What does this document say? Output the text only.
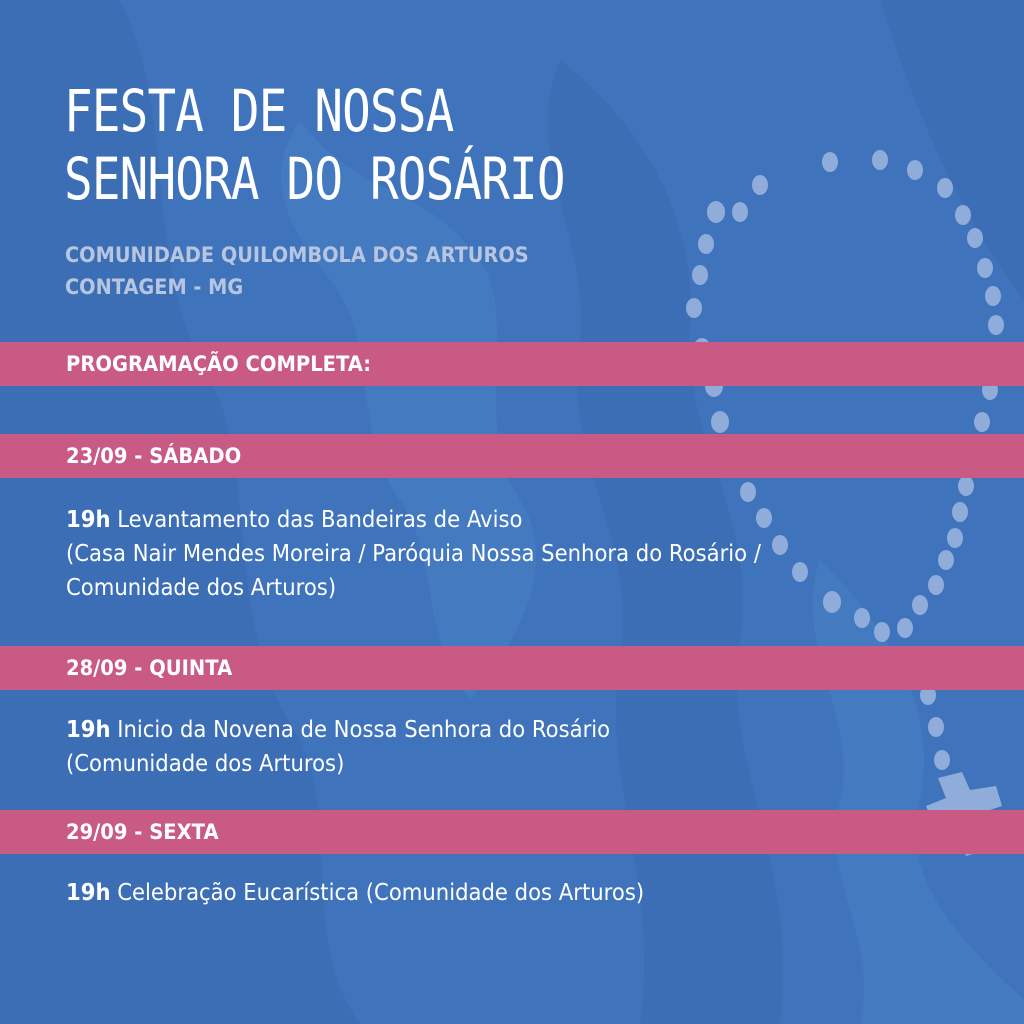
FESTA DE NOSSA
SENHORA DO ROSÁRIO

COMUNIDADE QUILOMBOLA DOS ARTUROS

CONTAGEM - MG

PROGRAMAÇÃO COMPLETA:
23/09 - SÁBADO

19h Levantamento das Bandeiras de Aviso
(Casa Nair Mendes Moreira / Paróquia Nossa Senhora do Rosário / Comunidade dos Arturos)

28/09 - QUINTA

19h Inicio da Novena de Nossa Senhora do Rosário
(Comunidade dos Arturos)

29/09 - SEXTA

19h Celebração Eucarística (Comunidade dos Arturos)
